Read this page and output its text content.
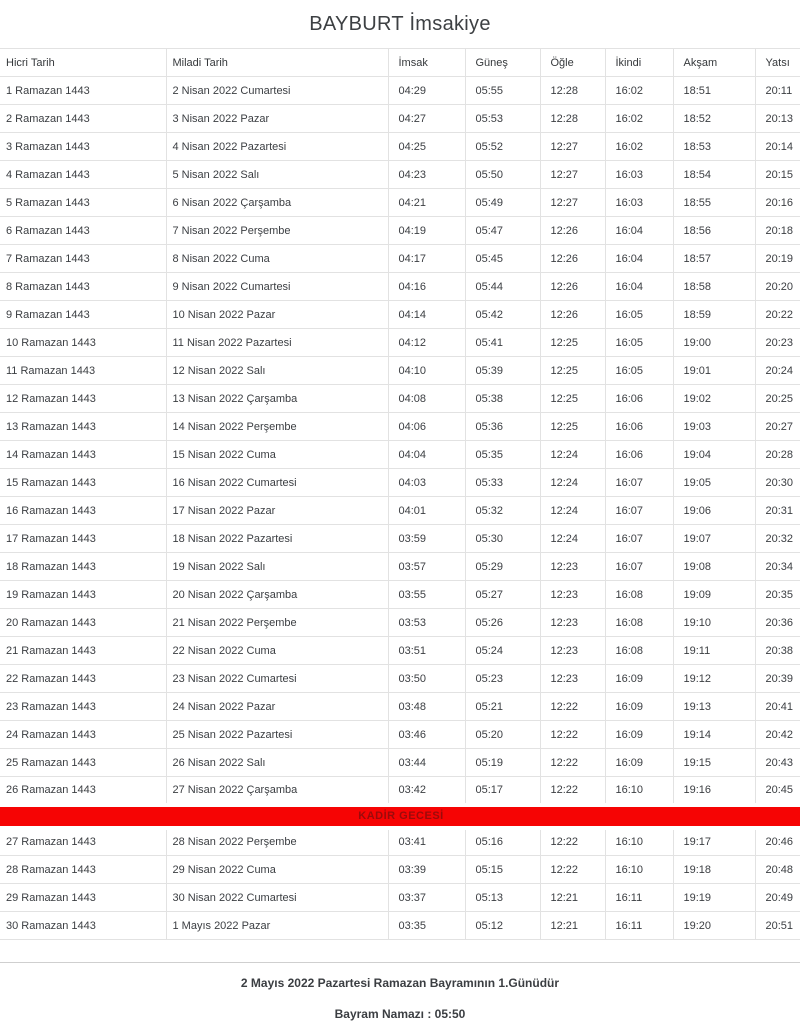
BAYBURT İmsakiye
Hicri Tarih	Miladi Tarih	İmsak	Güneş	Öğle	İkindi	Akşam	Yatsı
1 Ramazan 1443	2 Nisan 2022 Cumartesi	04:29	05:55	12:28	16:02	18:51	20:11
2 Ramazan 1443	3 Nisan 2022 Pazar	04:27	05:53	12:28	16:02	18:52	20:13
3 Ramazan 1443	4 Nisan 2022 Pazartesi	04:25	05:52	12:27	16:02	18:53	20:14
4 Ramazan 1443	5 Nisan 2022 Salı	04:23	05:50	12:27	16:03	18:54	20:15
5 Ramazan 1443	6 Nisan 2022 Çarşamba	04:21	05:49	12:27	16:03	18:55	20:16
6 Ramazan 1443	7 Nisan 2022 Perşembe	04:19	05:47	12:26	16:04	18:56	20:18
7 Ramazan 1443	8 Nisan 2022 Cuma	04:17	05:45	12:26	16:04	18:57	20:19
8 Ramazan 1443	9 Nisan 2022 Cumartesi	04:16	05:44	12:26	16:04	18:58	20:20
9 Ramazan 1443	10 Nisan 2022 Pazar	04:14	05:42	12:26	16:05	18:59	20:22
10 Ramazan 1443	11 Nisan 2022 Pazartesi	04:12	05:41	12:25	16:05	19:00	20:23
11 Ramazan 1443	12 Nisan 2022 Salı	04:10	05:39	12:25	16:05	19:01	20:24
12 Ramazan 1443	13 Nisan 2022 Çarşamba	04:08	05:38	12:25	16:06	19:02	20:25
13 Ramazan 1443	14 Nisan 2022 Perşembe	04:06	05:36	12:25	16:06	19:03	20:27
14 Ramazan 1443	15 Nisan 2022 Cuma	04:04	05:35	12:24	16:06	19:04	20:28
15 Ramazan 1443	16 Nisan 2022 Cumartesi	04:03	05:33	12:24	16:07	19:05	20:30
16 Ramazan 1443	17 Nisan 2022 Pazar	04:01	05:32	12:24	16:07	19:06	20:31
17 Ramazan 1443	18 Nisan 2022 Pazartesi	03:59	05:30	12:24	16:07	19:07	20:32
18 Ramazan 1443	19 Nisan 2022 Salı	03:57	05:29	12:23	16:07	19:08	20:34
19 Ramazan 1443	20 Nisan 2022 Çarşamba	03:55	05:27	12:23	16:08	19:09	20:35
20 Ramazan 1443	21 Nisan 2022 Perşembe	03:53	05:26	12:23	16:08	19:10	20:36
21 Ramazan 1443	22 Nisan 2022 Cuma	03:51	05:24	12:23	16:08	19:11	20:38
22 Ramazan 1443	23 Nisan 2022 Cumartesi	03:50	05:23	12:23	16:09	19:12	20:39
23 Ramazan 1443	24 Nisan 2022 Pazar	03:48	05:21	12:22	16:09	19:13	20:41
24 Ramazan 1443	25 Nisan 2022 Pazartesi	03:46	05:20	12:22	16:09	19:14	20:42
25 Ramazan 1443	26 Nisan 2022 Salı	03:44	05:19	12:22	16:09	19:15	20:43
26 Ramazan 1443	27 Nisan 2022 Çarşamba	03:42	05:17	12:22	16:10	19:16	20:45
KADİR GECESİ							
27 Ramazan 1443	28 Nisan 2022 Perşembe	03:41	05:16	12:22	16:10	19:17	20:46
28 Ramazan 1443	29 Nisan 2022 Cuma	03:39	05:15	12:22	16:10	19:18	20:48
29 Ramazan 1443	30 Nisan 2022 Cumartesi	03:37	05:13	12:21	16:11	19:19	20:49
30 Ramazan 1443	1 Mayıs 2022 Pazar	03:35	05:12	12:21	16:11	19:20	20:51
2 Mayıs 2022 Pazartesi Ramazan Bayramının 1.Günüdür
Bayram Namazı : 05:50
